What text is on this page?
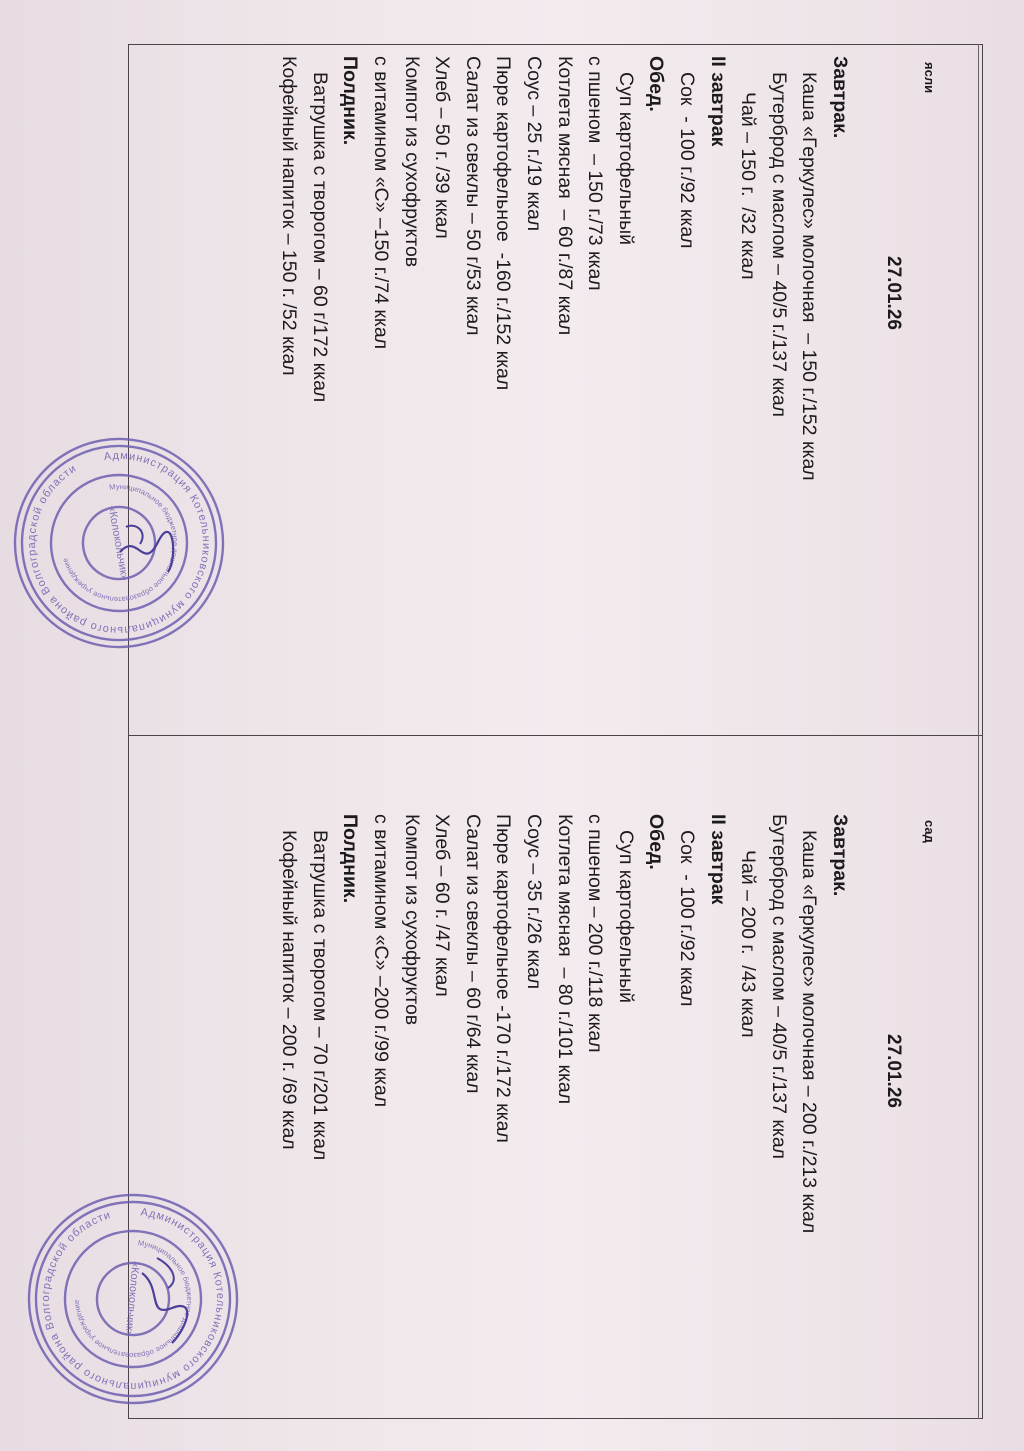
ясли
27.01.26
Завтрак.
Каша «Геркулес» молочная  – 150 г./152 ккал
Бутерброд с маслом – 40/5 г./137 ккал
Чай – 150 г.  /32 ккал
II завтрак
Сок  - 100 г./92 ккал
Обед.
Суп картофельный
с пшеном  – 150 г./73 ккал
Котлета мясная  – 60 г./87 ккал
Соус – 25 г./19 ккал
Пюре картофельное  -160 г./152 ккал
Салат из свеклы – 50 г/53 ккал
Хлеб – 50 г. /39 ккал
Компот из сухофруктов
с витамином «С» –150 г./74 ккал
Полдник.
Ватрушка с творогом – 60 г/172 ккал
Кофейный напиток – 150 г. /52 ккал
сад
27.01.26
Завтрак.
Каша «Геркулес» молочная – 200 г./213 ккал
Бутерброд с маслом – 40/5 г./137 ккал
Чай – 200 г.  /43 ккал
II завтрак
Сок  - 100 г./92 ккал
Обед.
Суп картофельный
с пшеном – 200 г./118 ккал
Котлета мясная  – 80 г./101 ккал
Соус – 35 г./26 ккал
Пюре картофельное -170 г./172 ккал
Салат из свеклы – 60 г/64 ккал
Хлеб – 60 г. /47 ккал
Компот из сухофруктов
с витамином «С» –200 г./99 ккал
Полдник.
Ватрушка с творогом – 70 г/201 ккал
Кофейный напиток – 200 г. /69 ккал
Администрация Котельниковского муниципального района Волгоградской области
Муниципальное бюджетное дошкольное образовательное учреждение	«Колокольчик»
Администрация Котельниковского муниципального района Волгоградской области
Муниципальное бюджетное дошкольное образовательное учреждение	«Колокольчик»
